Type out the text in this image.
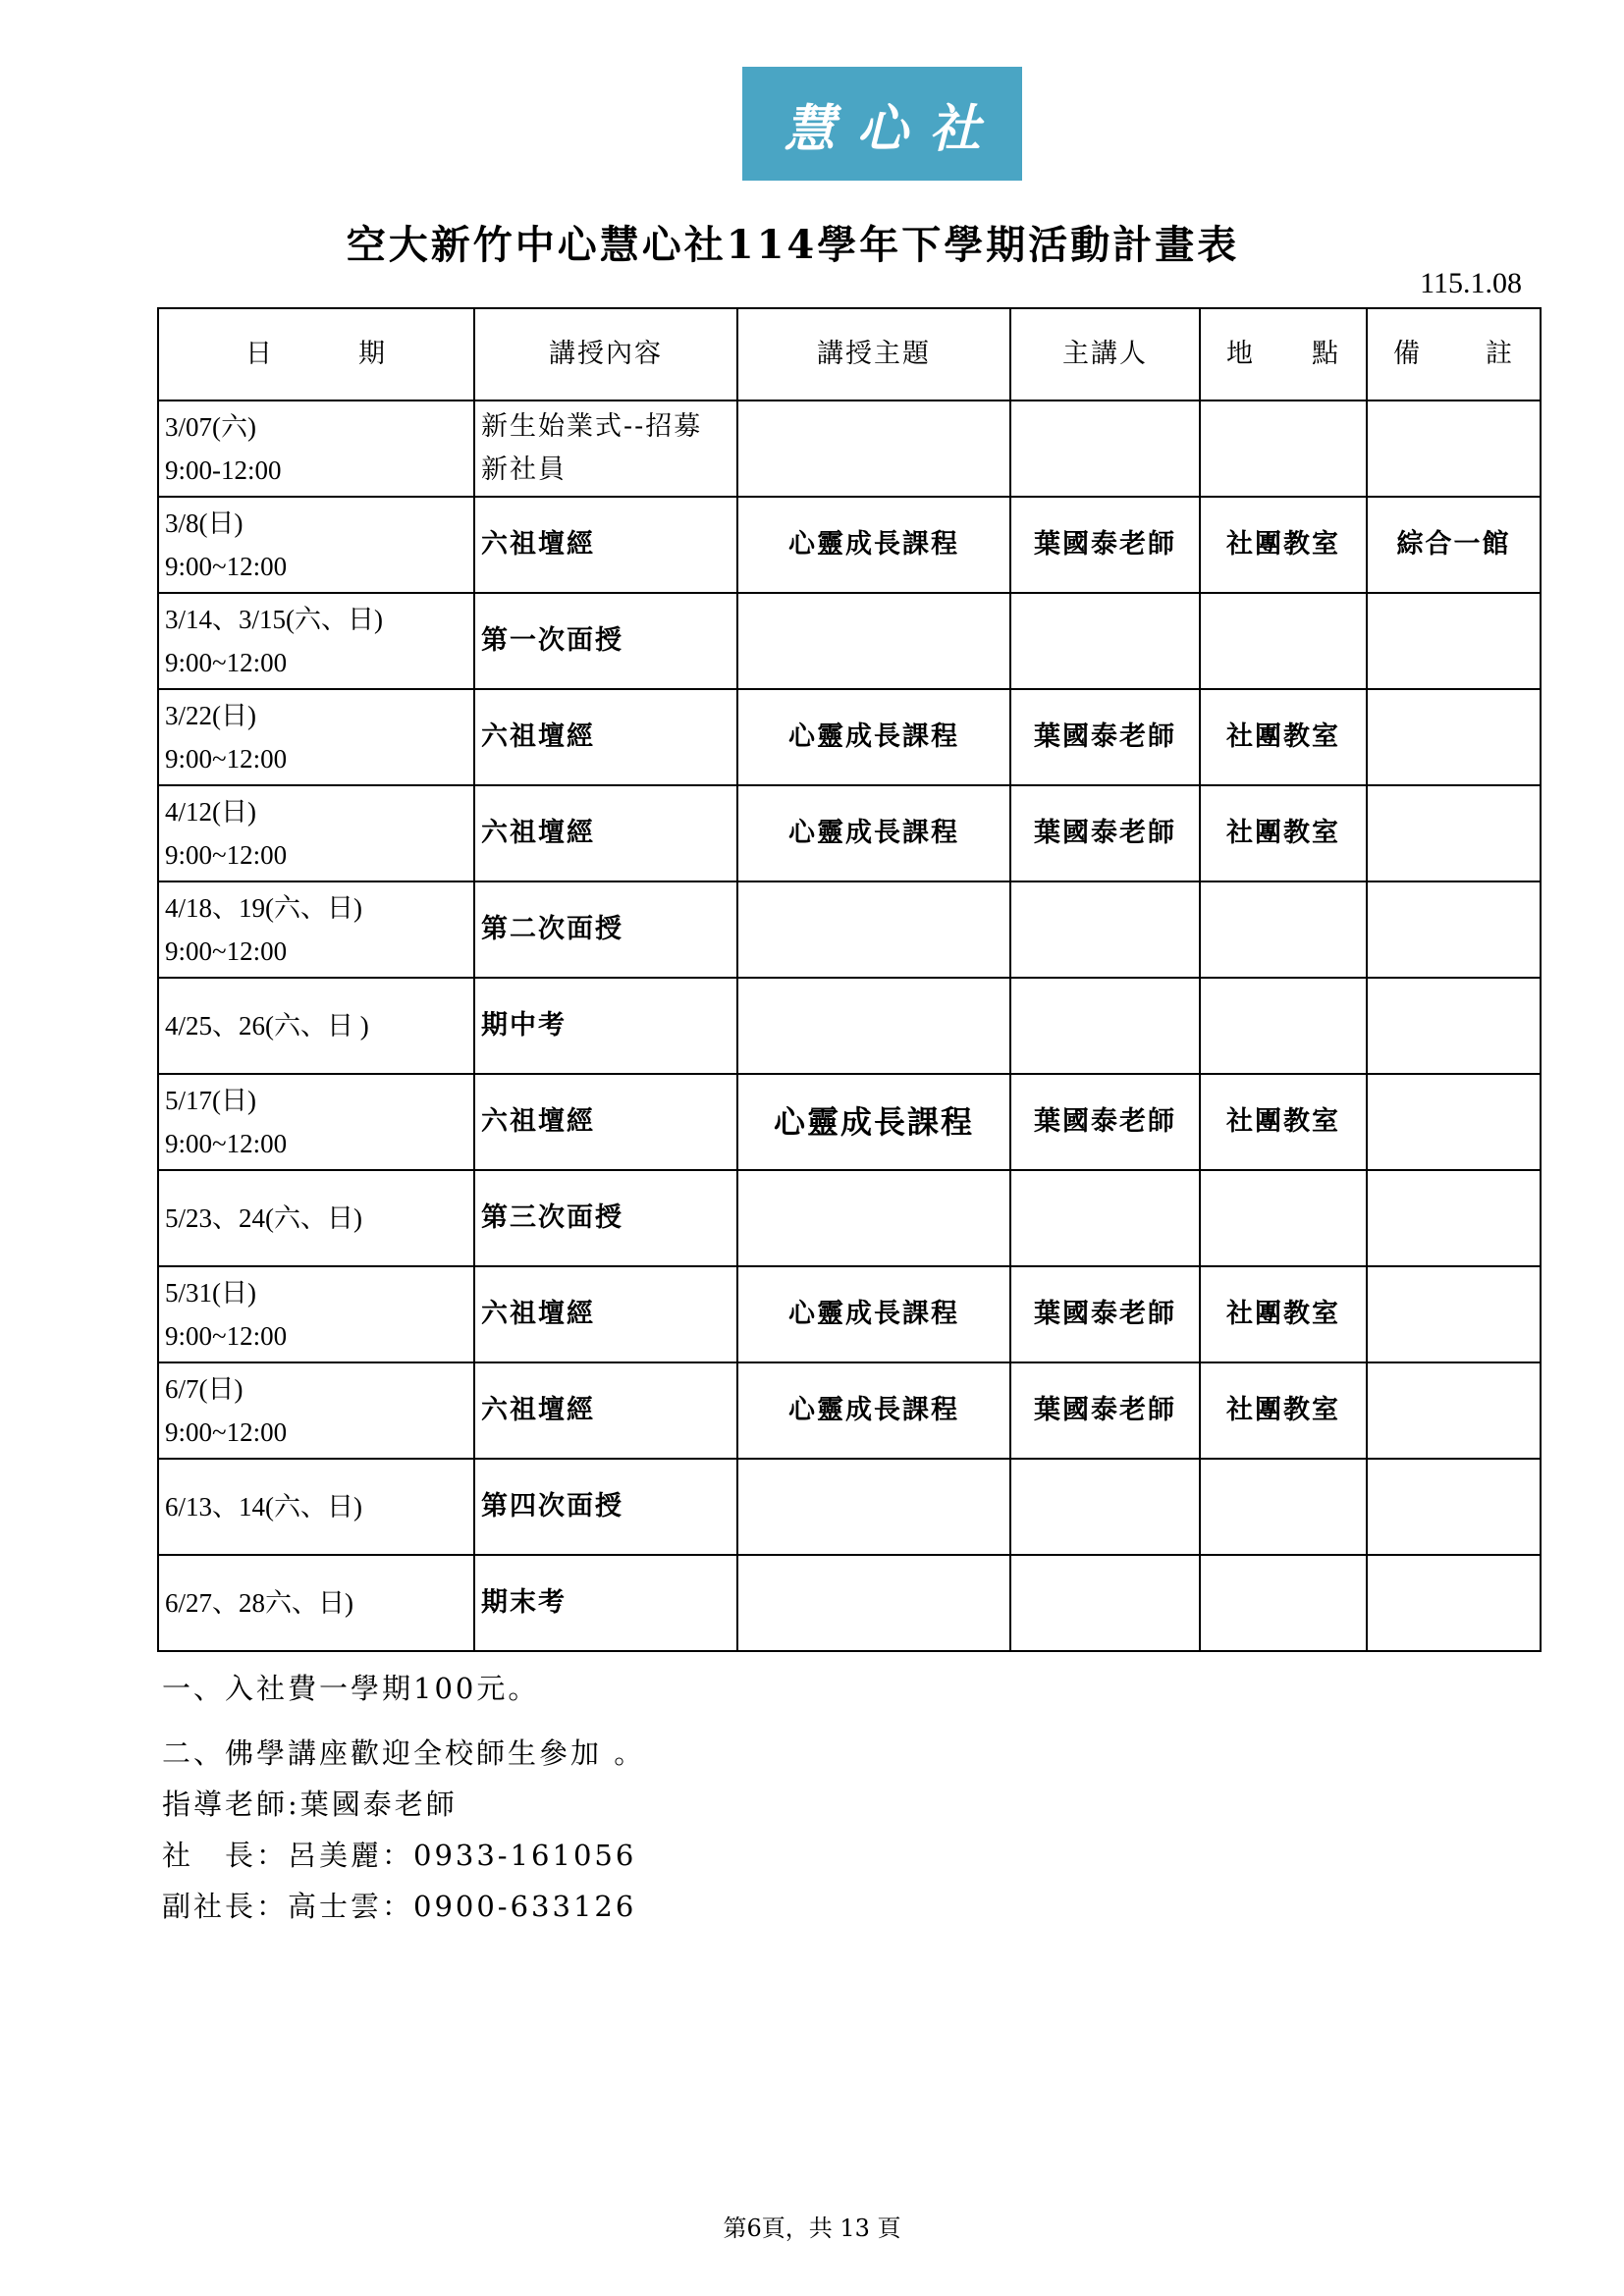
慧心社
空大新竹中心慧心社114學年下學期活動計畫表
115.1.08
日 期	講授內容	講授主題	主講人	地 點	備 註

3/07(六)
9:00-12:00	新生始業式--招募新社員				

3/8(日)
9:00~12:00	六祖壇經	心靈成長課程	葉國泰老師	社團教室	綜合一館

3/14、3/15(六、日)
9:00~12:00	第一次面授				

3/22(日)
9:00~12:00	六祖壇經	心靈成長課程	葉國泰老師	社團教室	

4/12(日)
9:00~12:00	六祖壇經	心靈成長課程	葉國泰老師	社團教室	

4/18、19(六、日)
9:00~12:00	第二次面授				

4/25、26(六、日 )	期中考				

5/17(日)
9:00~12:00	六祖壇經	心靈成長課程	葉國泰老師	社團教室	

5/23、24(六、日)	第三次面授				

5/31(日)
9:00~12:00	六祖壇經	心靈成長課程	葉國泰老師	社團教室	

6/7(日)
9:00~12:00	六祖壇經	心靈成長課程	葉國泰老師	社團教室	

6/13、14(六、日)	第四次面授				

6/27、28六、日)	期末考				
一、入社費一學期100元。
二、佛學講座歡迎全校師生參加 。
指導老師:葉國泰老師
社　長：呂美麗：0933-161056
副社長：高士雲：0900-633126
第6頁，共 13 頁
